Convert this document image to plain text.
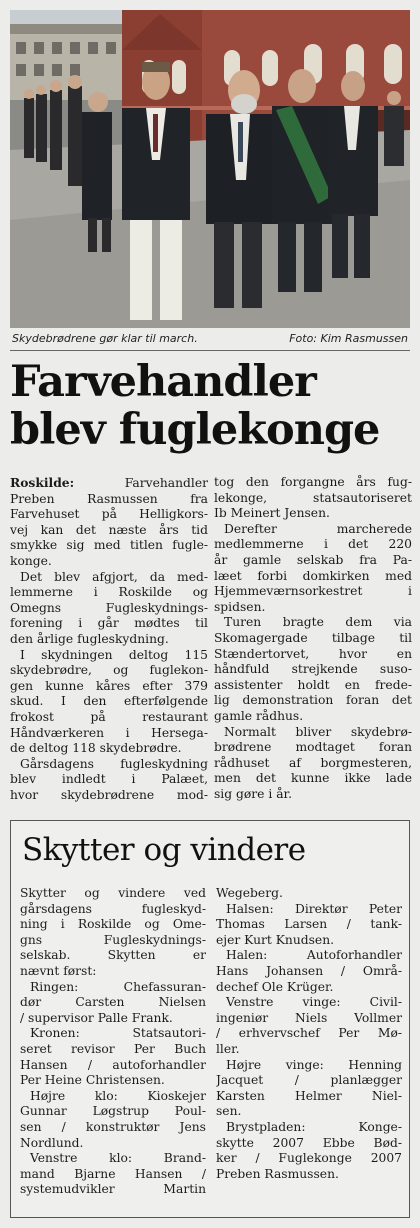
Skydebrødrene gør klar til march.	Foto: Kim Rasmussen
Farvehandler
blev fuglekonge
Roskilde: Farvehandler
Preben Rasmussen fra
Farvehuset på Helligkors-
vej kan det næste års tid
smykke sig med titlen fugle-
konge.
Det blev afgjort, da med-
lemmerne i Roskilde og
Omegns Fugleskydnings-
forening i går mødtes til
den årlige fugleskydning.
I skydningen deltog 115
skydebrødre, og fuglekon-
gen kunne kåres efter 379
skud. I den efterfølgende
frokost på restaurant
Håndværkeren i Hersega-
de deltog 118 skydebrødre.
Gårsdagens fugleskydning
blev indledt i Palæet,
hvor skydebrødrene mod-
tog den forgangne års fug-
lekonge, statsautoriseret
Ib Meinert Jensen.
Derefter marcherede
medlemmerne i det 220
år gamle selskab fra Pa-
læet forbi domkirken med
Hjemmeværnsorkestret i
spidsen.
Turen bragte dem via
Skomagergade tilbage til
Stændertorvet, hvor en
håndfuld strejkende suso-
assistenter holdt en frede-
lig demonstration foran det
gamle rådhus.
Normalt bliver skydebrø-
brødrene modtaget foran
rådhuset af borgmesteren,
men det kunne ikke lade
sig gøre i år.
Skytter og vindere
Skytter og vindere ved
gårsdagens fugleskyd-
ning i Roskilde og Ome-
gns Fugleskydnings-
selskab. Skytten er
nævnt først:
Ringen: Chefassuran-
dør Carsten Nielsen
/ supervisor Palle Frank.
Kronen: Statsautori-
seret revisor Per Buch
Hansen / autoforhandler
Per Heine Christensen.
Højre klo: Kioskejer
Gunnar Løgstrup Poul-
sen / konstruktør Jens
Nordlund.
Venstre klo: Brand-
mand Bjarne Hansen /
systemudvikler Martin
Wegeberg.
Halsen: Direktør Peter
Thomas Larsen / tank-
ejer Kurt Knudsen.
Halen: Autoforhandler
Hans Johansen / Områ-
dechef Ole Krüger.
Venstre vinge: Civil-
ingeniør Niels Vollmer
/ erhvervschef Per Mø-
ller.
Højre vinge: Henning
Jacquet / planlægger
Karsten Helmer Niel-
sen.
Brystpladen: Konge-
skytte 2007 Ebbe Bød-
ker / Fuglekonge 2007
Preben Rasmussen.
